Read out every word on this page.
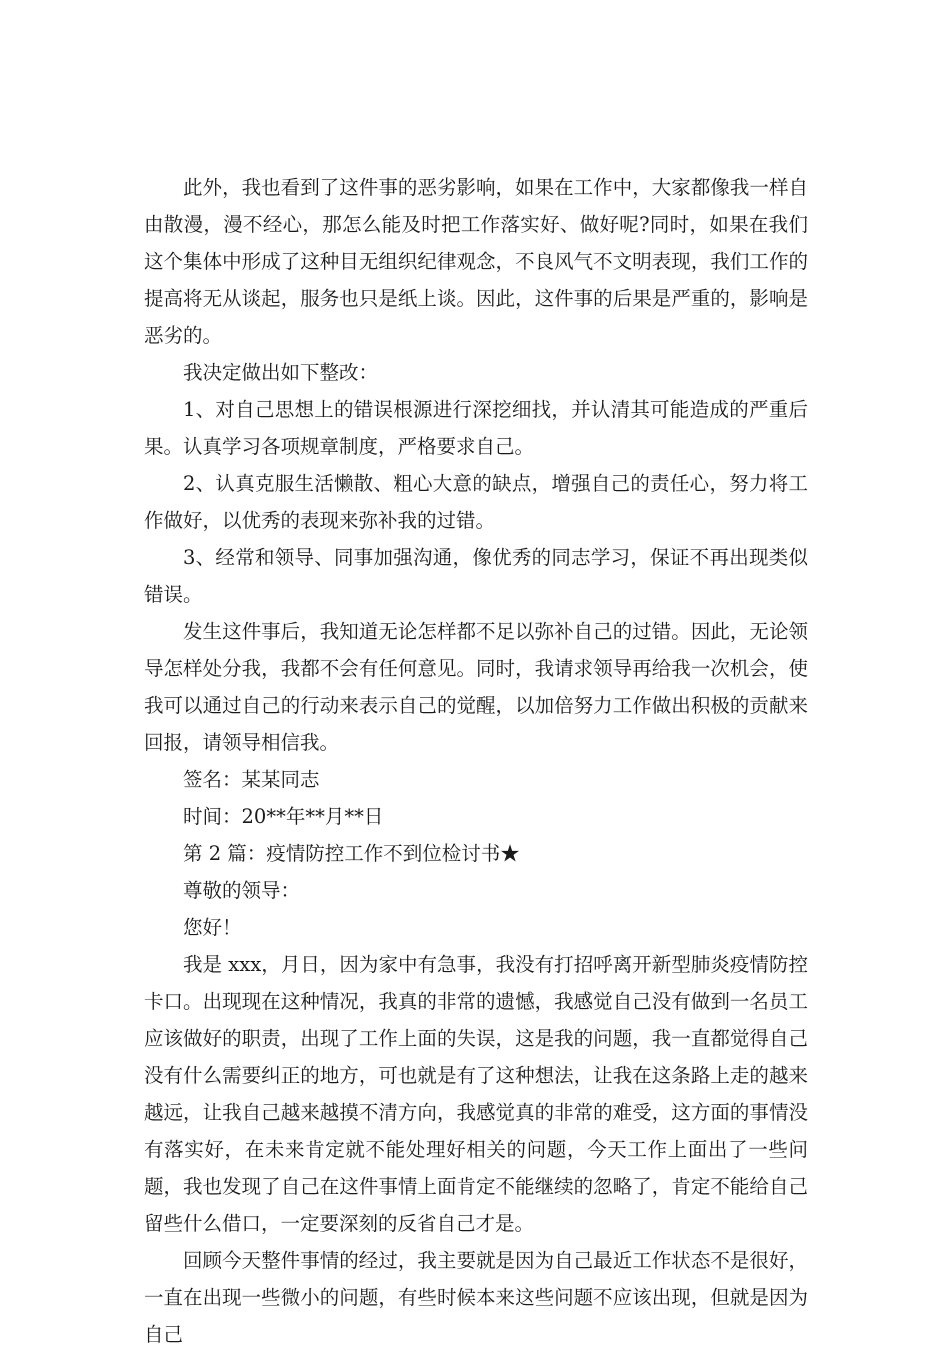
此外，我也看到了这件事的恶劣影响，如果在工作中，大家都像我一样自由散漫，漫不经心，那怎么能及时把工作落实好、做好呢?同时，如果在我们这个集体中形成了这种目无组织纪律观念，不良风气不文明表现，我们工作的提高将无从谈起，服务也只是纸上谈。因此，这件事的后果是严重的，影响是恶劣的。

我决定做出如下整改：

1、对自己思想上的错误根源进行深挖细找，并认清其可能造成的严重后果。认真学习各项规章制度，严格要求自己。

2、认真克服生活懒散、粗心大意的缺点，增强自己的责任心，努力将工作做好，以优秀的表现来弥补我的过错。

3、经常和领导、同事加强沟通，像优秀的同志学习，保证不再出现类似错误。

发生这件事后，我知道无论怎样都不足以弥补自己的过错。因此，无论领导怎样处分我，我都不会有任何意见。同时，我请求领导再给我一次机会，使我可以通过自己的行动来表示自己的觉醒，以加倍努力工作做出积极的贡献来回报，请领导相信我。

签名：某某同志

时间：20**年**月**日

第 2 篇：疫情防控工作不到位检讨书★

尊敬的领导：

您好！

我是 xxx，月日，因为家中有急事，我没有打招呼离开新型肺炎疫情防控卡口。出现现在这种情况，我真的非常的遗憾，我感觉自己没有做到一名员工应该做好的职责，出现了工作上面的失误，这是我的问题，我一直都觉得自己没有什么需要纠正的地方，可也就是有了这种想法，让我在这条路上走的越来越远，让我自己越来越摸不清方向，我感觉真的非常的难受，这方面的事情没有落实好，在未来肯定就不能处理好相关的问题，今天工作上面出了一些问题，我也发现了自己在这件事情上面肯定不能继续的忽略了，肯定不能给自己留些什么借口，一定要深刻的反省自己才是。

回顾今天整件事情的经过，我主要就是因为自己最近工作状态不是很好，一直在出现一些微小的问题，有些时候本来这些问题不应该出现，但就是因为自己
